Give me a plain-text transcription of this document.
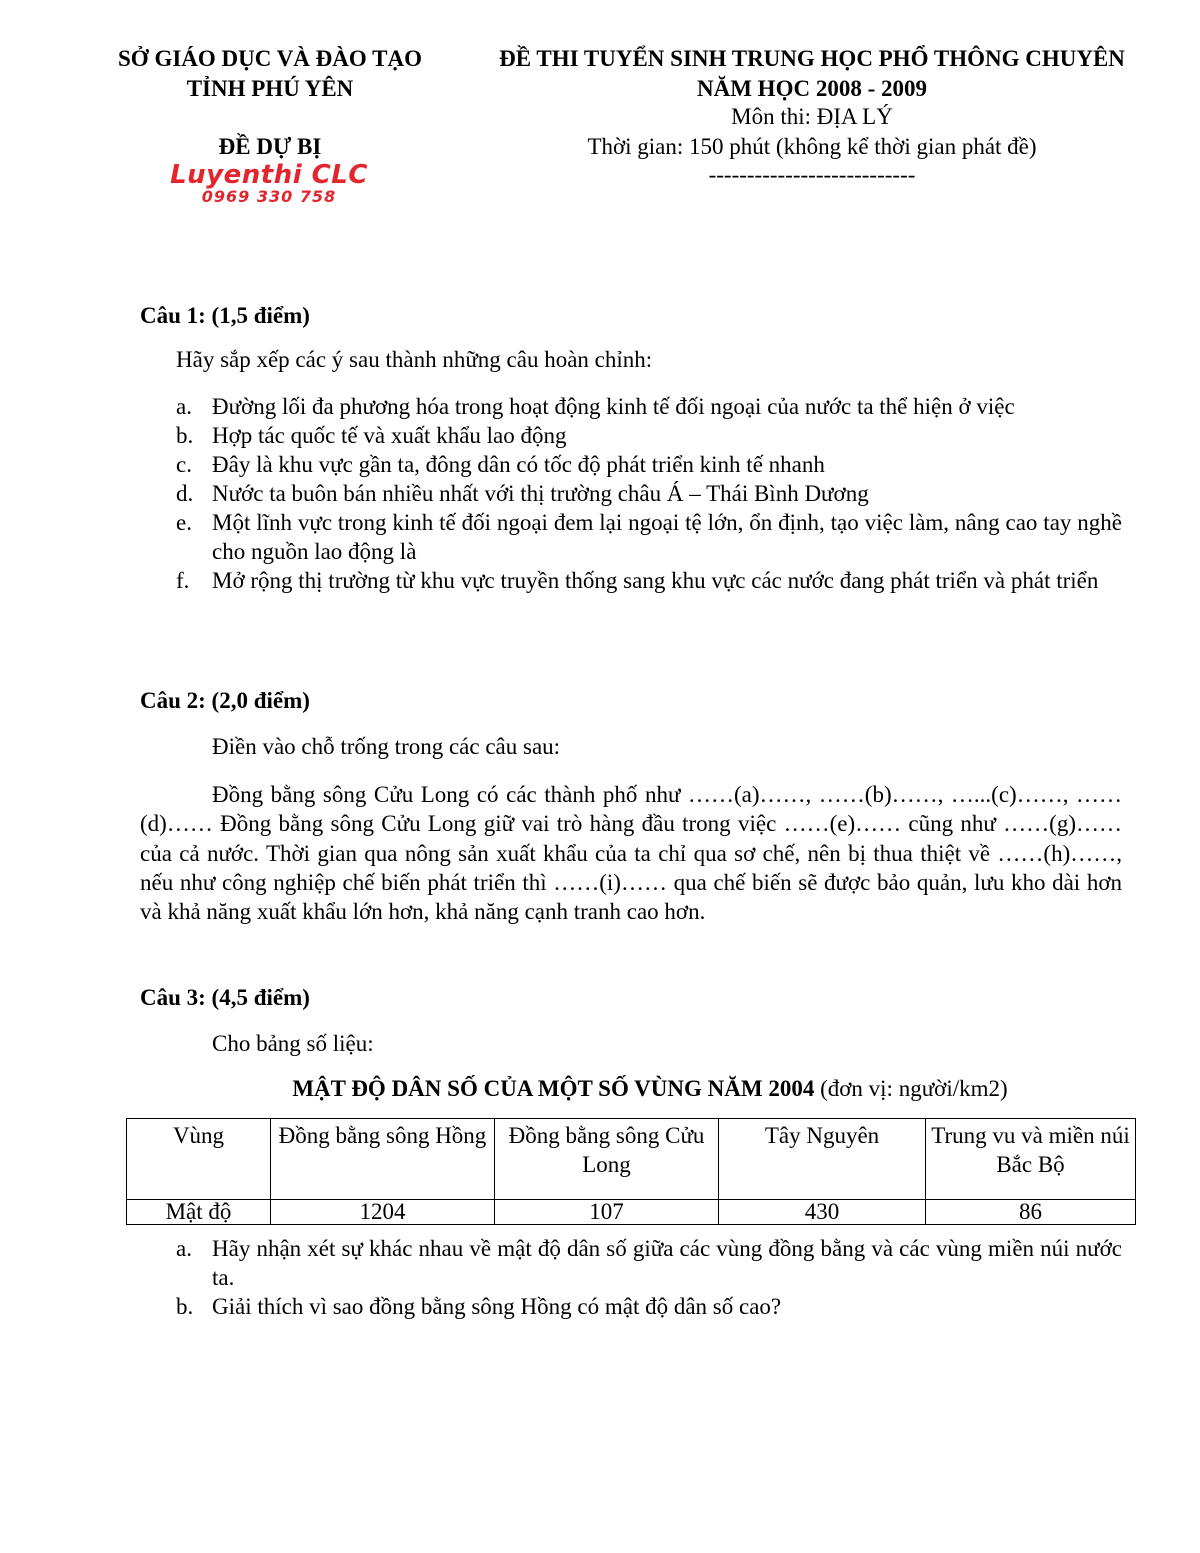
SỞ GIÁO DỤC VÀ ĐÀO TẠO
TỈNH PHÚ YÊN
ĐỀ DỰ BỊ
Luyenthi CLC
0969 330 758
ĐỀ THI TUYỂN SINH TRUNG HỌC PHỔ THÔNG CHUYÊN
NĂM HỌC 2008 - 2009
Môn thi: ĐỊA LÝ
Thời gian: 150 phút (không kể thời gian phát đề)
---------------------------
Câu 1: (1,5 điểm)
Hãy sắp xếp các ý sau thành những câu hoàn chỉnh:
a. Đường lối đa phương hóa trong hoạt động kinh tế đối ngoại của nước ta thể hiện ở việc
b. Hợp tác quốc tế và xuất khẩu lao động
c. Đây là khu vực gần ta, đông dân có tốc độ phát triển kinh tế nhanh
d. Nước ta buôn bán nhiều nhất với thị trường châu Á – Thái Bình Dương
e. Một lĩnh vực trong kinh tế đối ngoại đem lại ngoại tệ lớn, ổn định, tạo việc làm, nâng cao tay nghề cho nguồn lao động là
f. Mở rộng thị trường từ khu vực truyền thống sang khu vực các nước đang phát triển và phát triển
Câu 2: (2,0 điểm)
Điền vào chỗ trống trong các câu sau:
Đồng bằng sông Cửu Long có các thành phố như ……(a)……, ……(b)……, …...(c)……, ……(d)…… Đồng bằng sông Cửu Long giữ vai trò hàng đầu trong việc ……(e)…… cũng như ……(g)…… của cả nước. Thời gian qua nông sản xuất khẩu của ta chỉ qua sơ chế, nên bị thua thiệt về ……(h)……, nếu như công nghiệp chế biến phát triển thì ……(i)…… qua chế biến sẽ được bảo quản, lưu kho dài hơn và khả năng xuất khẩu lớn hơn, khả năng cạnh tranh cao hơn.
Câu 3: (4,5 điểm)
Cho bảng số liệu:
MẬT ĐỘ DÂN SỐ CỦA MỘT SỐ VÙNG NĂM 2004 (đơn vị: người/km2)
Vùng	Đồng bằng sông Hồng	Đồng bằng sông Cửu Long	Tây Nguyên	Trung vu và miền núi Bắc Bộ
Mật độ	1204	107	430	86
a. Hãy nhận xét sự khác nhau về mật độ dân số giữa các vùng đồng bằng và các vùng miền núi nước ta.
b. Giải thích vì sao đồng bằng sông Hồng có mật độ dân số cao?
